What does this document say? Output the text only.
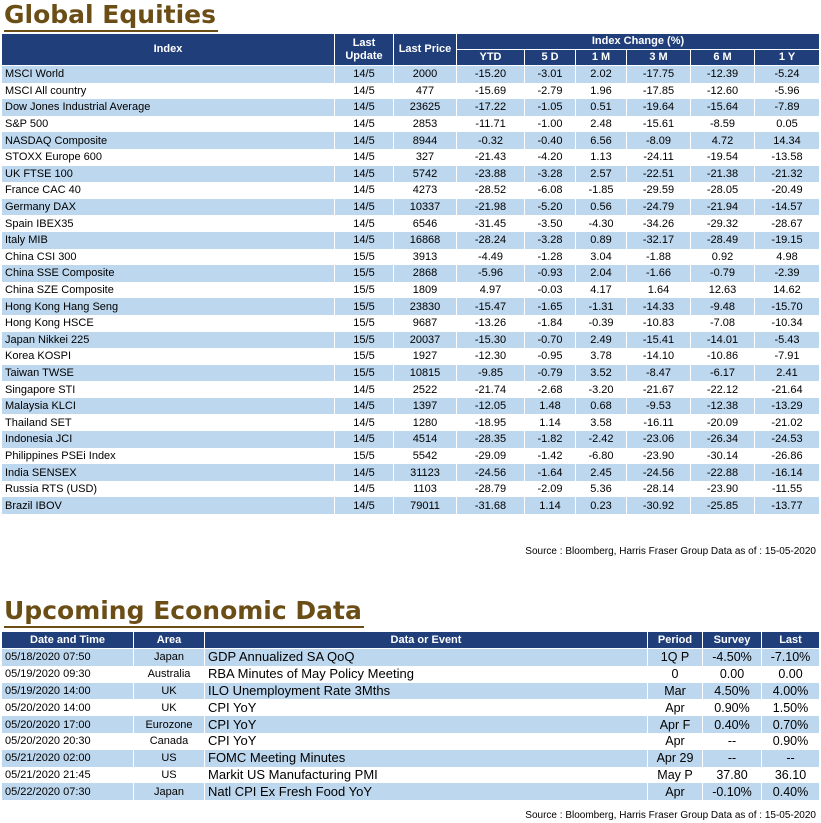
Global Equities
Index	Last Update	Last Price	Index Change (%)					
			YTD	5 D	1 M	3 M	6 M	1 Y
MSCI World	14/5	2000	-15.20	-3.01	2.02	-17.75	-12.39	-5.24
MSCI All country	14/5	477	-15.69	-2.79	1.96	-17.85	-12.60	-5.96
Dow Jones Industrial Average	14/5	23625	-17.22	-1.05	0.51	-19.64	-15.64	-7.89
S&P 500	14/5	2853	-11.71	-1.00	2.48	-15.61	-8.59	0.05
NASDAQ Composite	14/5	8944	-0.32	-0.40	6.56	-8.09	4.72	14.34
STOXX Europe 600	14/5	327	-21.43	-4.20	1.13	-24.11	-19.54	-13.58
UK FTSE 100	14/5	5742	-23.88	-3.28	2.57	-22.51	-21.38	-21.32
France CAC 40	14/5	4273	-28.52	-6.08	-1.85	-29.59	-28.05	-20.49
Germany DAX	14/5	10337	-21.98	-5.20	0.56	-24.79	-21.94	-14.57
Spain IBEX35	14/5	6546	-31.45	-3.50	-4.30	-34.26	-29.32	-28.67
Italy MIB	14/5	16868	-28.24	-3.28	0.89	-32.17	-28.49	-19.15
China CSI 300	15/5	3913	-4.49	-1.28	3.04	-1.88	0.92	4.98
China SSE Composite	15/5	2868	-5.96	-0.93	2.04	-1.66	-0.79	-2.39
China SZE Composite	15/5	1809	4.97	-0.03	4.17	1.64	12.63	14.62
Hong Kong Hang Seng	15/5	23830	-15.47	-1.65	-1.31	-14.33	-9.48	-15.70
Hong Kong HSCE	15/5	9687	-13.26	-1.84	-0.39	-10.83	-7.08	-10.34
Japan Nikkei 225	15/5	20037	-15.30	-0.70	2.49	-15.41	-14.01	-5.43
Korea KOSPI	15/5	1927	-12.30	-0.95	3.78	-14.10	-10.86	-7.91
Taiwan TWSE	15/5	10815	-9.85	-0.79	3.52	-8.47	-6.17	2.41
Singapore STI	14/5	2522	-21.74	-2.68	-3.20	-21.67	-22.12	-21.64
Malaysia KLCI	14/5	1397	-12.05	1.48	0.68	-9.53	-12.38	-13.29
Thailand SET	14/5	1280	-18.95	1.14	3.58	-16.11	-20.09	-21.02
Indonesia JCI	14/5	4514	-28.35	-1.82	-2.42	-23.06	-26.34	-24.53
Philippines PSEi Index	15/5	5542	-29.09	-1.42	-6.80	-23.90	-30.14	-26.86
India SENSEX	14/5	31123	-24.56	-1.64	2.45	-24.56	-22.88	-16.14
Russia RTS (USD)	14/5	1103	-28.79	-2.09	5.36	-28.14	-23.90	-11.55
Brazil IBOV	14/5	79011	-31.68	1.14	0.23	-30.92	-25.85	-13.77
Source : Bloomberg, Harris Fraser Group Data as of : 15-05-2020
Upcoming Economic Data
Date and Time	Area	Data or Event	Period	Survey	Last
05/18/2020 07:50	Japan	GDP Annualized SA QoQ	1Q P	-4.50%	-7.10%
05/19/2020 09:30	Australia	RBA Minutes of May Policy Meeting	0	0.00	0.00
05/19/2020 14:00	UK	ILO Unemployment Rate 3Mths	Mar	4.50%	4.00%
05/20/2020 14:00	UK	CPI YoY	Apr	0.90%	1.50%
05/20/2020 17:00	Eurozone	CPI YoY	Apr F	0.40%	0.70%
05/20/2020 20:30	Canada	CPI YoY	Apr	--	0.90%
05/21/2020 02:00	US	FOMC Meeting Minutes	Apr 29	--	--
05/21/2020 21:45	US	Markit US Manufacturing PMI	May P	37.80	36.10
05/22/2020 07:30	Japan	Natl CPI Ex Fresh Food YoY	Apr	-0.10%	0.40%
Source : Bloomberg, Harris Fraser Group Data as of : 15-05-2020
